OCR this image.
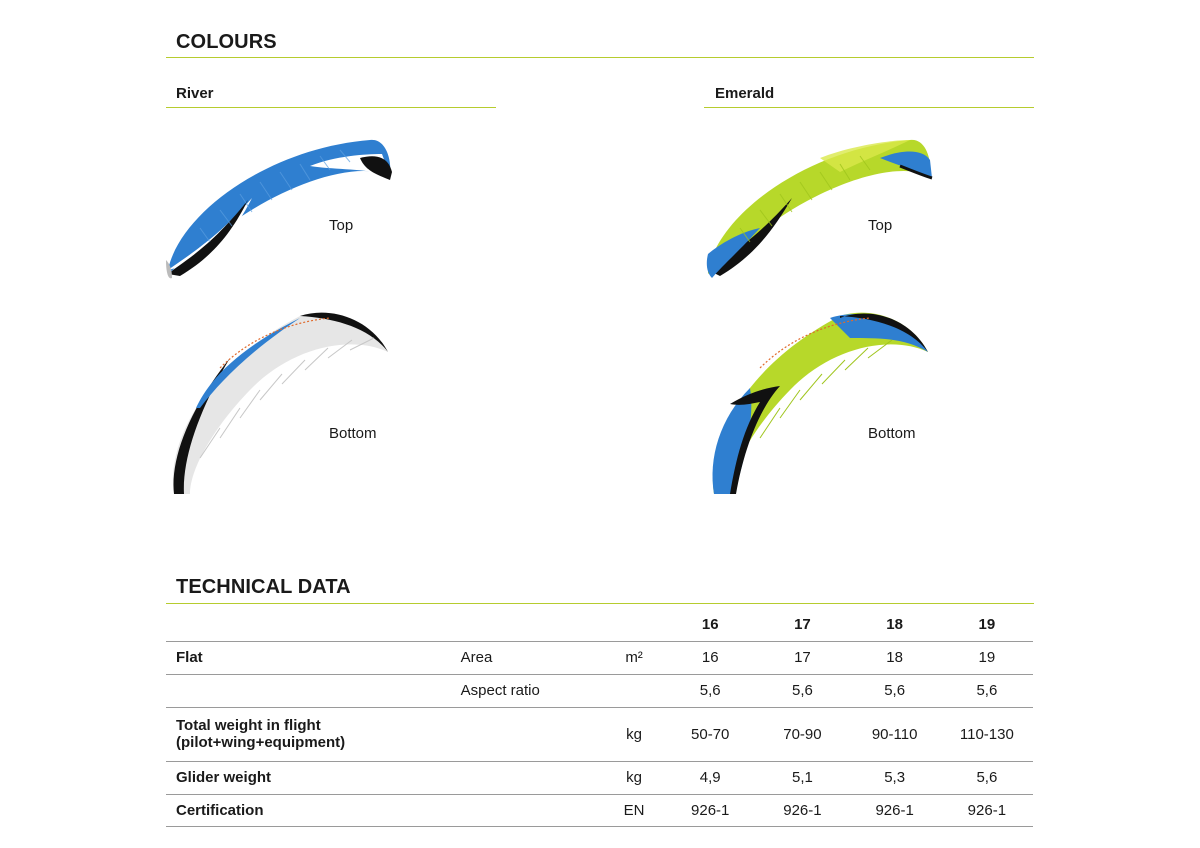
COLOURS
River	Emerald
Top
Bottom
Top
Bottom
TECHNICAL DATA
			16	17	18	19
Flat	Area	m²	16	17	18	19
	Aspect ratio		5,6	5,6	5,6	5,6

Total weight in flight
(pilot+wing+equipment)		kg	50-70	70-90	90-110	110-130
Glider weight		kg	4,9	5,1	5,3	5,6
Certification		EN	926-1	926-1	926-1	926-1
